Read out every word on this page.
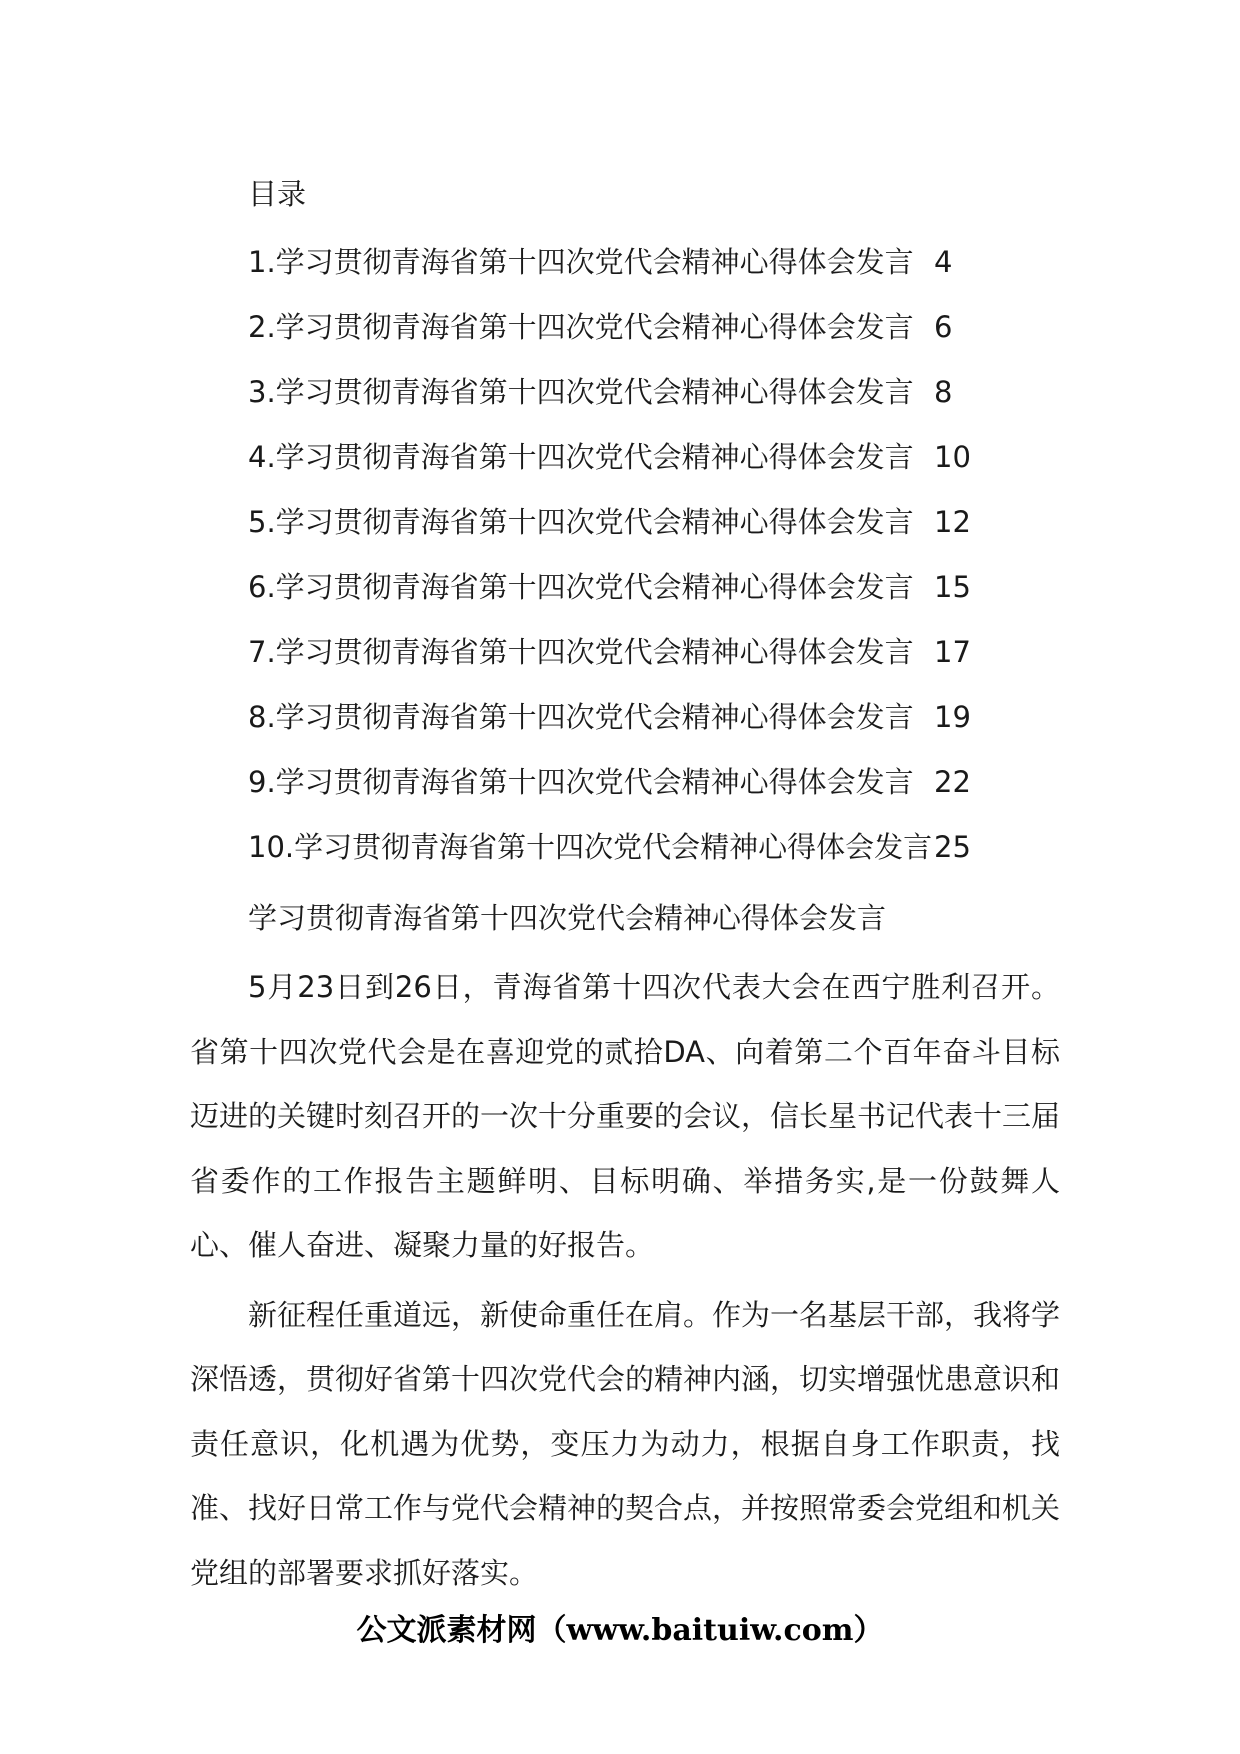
目录
1.学习贯彻青海省第十四次党代会精神心得体会发言 4
2.学习贯彻青海省第十四次党代会精神心得体会发言 6
3.学习贯彻青海省第十四次党代会精神心得体会发言 8
4.学习贯彻青海省第十四次党代会精神心得体会发言 10
5.学习贯彻青海省第十四次党代会精神心得体会发言 12
6.学习贯彻青海省第十四次党代会精神心得体会发言 15
7.学习贯彻青海省第十四次党代会精神心得体会发言 17
8.学习贯彻青海省第十四次党代会精神心得体会发言 19
9.学习贯彻青海省第十四次党代会精神心得体会发言 22
10.学习贯彻青海省第十四次党代会精神心得体会发言 25
学习贯彻青海省第十四次党代会精神心得体会发言

5月23日到26日，青海省第十四次代表大会在西宁胜利召开。省第十四次党代会是在喜迎党的贰拾DA、向着第二个百年奋斗目标迈进的关键时刻召开的一次十分重要的会议，信长星书记代表十三届省委作的工作报告主题鲜明、目标明确、举措务实,是一份鼓舞人心、催人奋进、凝聚力量的好报告。

新征程任重道远，新使命重任在肩。作为一名基层干部，我将学深悟透，贯彻好省第十四次党代会的精神内涵，切实增强忧患意识和责任意识，化机遇为优势，变压力为动力，根据自身工作职责，找准、找好日常工作与党代会精神的契合点，并按照常委会党组和机关党组的部署要求抓好落实。

公文派素材网（www.baituiw.com）
